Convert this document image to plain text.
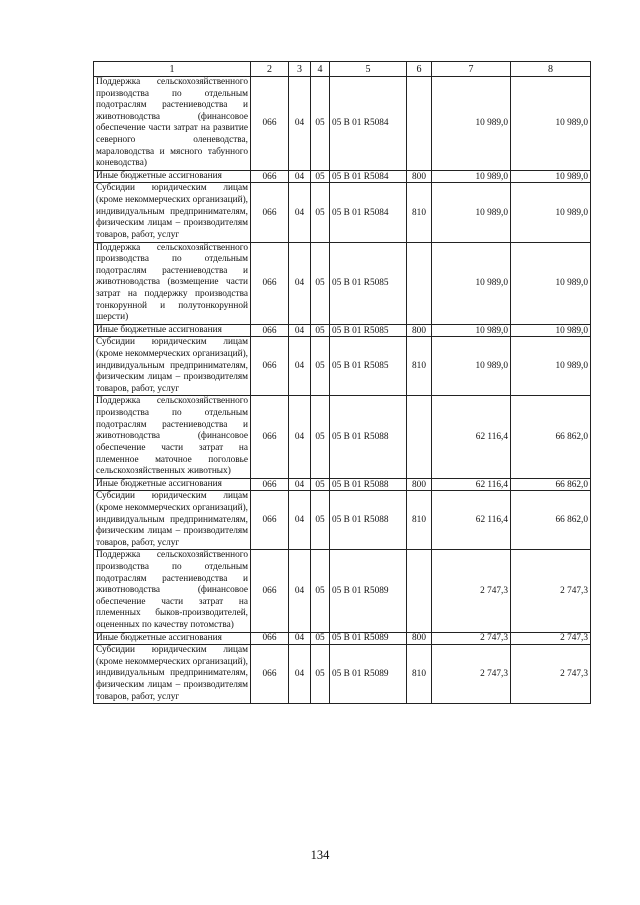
1	2	3	4	5	6	7	8
Поддержка сельскохозяйственного производства по отдельным подотраслям растениеводства и животноводства (финансовое обеспечение части затрат на развитие северного оленеводства, мараловодства и мясного табунного коневодства)	066	04	05	05 B 01 R5084		10 989,0	10 989,0
Иные бюджетные ассигнования	066	04	05	05 B 01 R5084	800	10 989,0	10 989,0
Субсидии юридическим лицам (кроме некоммерческих организаций), индивидуальным предпринимателям, физическим лицам – производителям товаров, работ, услуг	066	04	05	05 B 01 R5084	810	10 989,0	10 989,0
Поддержка сельскохозяйственного производства по отдельным подотраслям растениеводства и животноводства (возмещение части затрат на поддержку производства тонкорунной и полутонкорунной шерсти)	066	04	05	05 B 01 R5085		10 989,0	10 989,0
Иные бюджетные ассигнования	066	04	05	05 B 01 R5085	800	10 989,0	10 989,0
Субсидии юридическим лицам (кроме некоммерческих организаций), индивидуальным предпринимателям, физическим лицам – производителям товаров, работ, услуг	066	04	05	05 B 01 R5085	810	10 989,0	10 989,0
Поддержка сельскохозяйственного производства по отдельным подотраслям растениеводства и животноводства (финансовое обеспечение части затрат на племенное маточное поголовье сельскохозяйственных животных)	066	04	05	05 B 01 R5088		62 116,4	66 862,0
Иные бюджетные ассигнования	066	04	05	05 B 01 R5088	800	62 116,4	66 862,0
Субсидии юридическим лицам (кроме некоммерческих организаций), индивидуальным предпринимателям, физическим лицам – производителям товаров, работ, услуг	066	04	05	05 B 01 R5088	810	62 116,4	66 862,0
Поддержка сельскохозяйственного производства по отдельным подотраслям растениеводства и животноводства (финансовое обеспечение части затрат на племенных быков-производителей, оцененных по качеству потомства)	066	04	05	05 B 01 R5089		2 747,3	2 747,3
Иные бюджетные ассигнования	066	04	05	05 B 01 R5089	800	2 747,3	2 747,3
Субсидии юридическим лицам (кроме некоммерческих организаций), индивидуальным предпринимателям, физическим лицам – производителям товаров, работ, услуг	066	04	05	05 B 01 R5089	810	2 747,3	2 747,3
134
